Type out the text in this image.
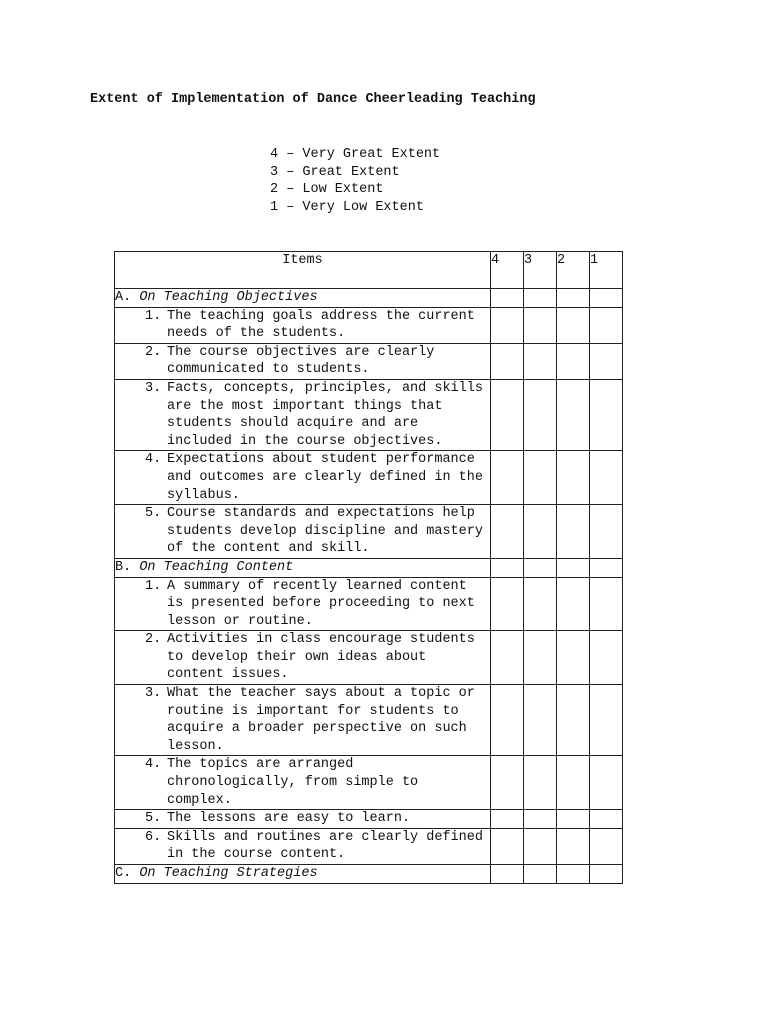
Extent of Implementation of Dance Cheerleading Teaching
4 – Very Great Extent
3 – Great Extent
2 – Low Extent
1 – Very Low Extent
Items	4	3	2	1
A. On Teaching Objectives				

1. The teaching goals address the current needs of the students.				

2. The course objectives are clearly communicated to students.				

3. Facts, concepts, principles, and skills are the most important things that students should acquire and are included in the course objectives.				

4. Expectations about student performance and outcomes are clearly defined in the syllabus.				

5. Course standards and expectations help students develop discipline and mastery of the content and skill.				

B. On Teaching Content				

1. A summary of recently learned content is presented before proceeding to next lesson or routine.				

2. Activities in class encourage students to develop their own ideas about content issues.				

3. What the teacher says about a topic or routine is important for students to acquire a broader perspective on such lesson.				

4. The topics are arranged chronologically, from simple to complex.				

5. The lessons are easy to learn.				

6. Skills and routines are clearly defined in the course content.				

C. On Teaching Strategies				
